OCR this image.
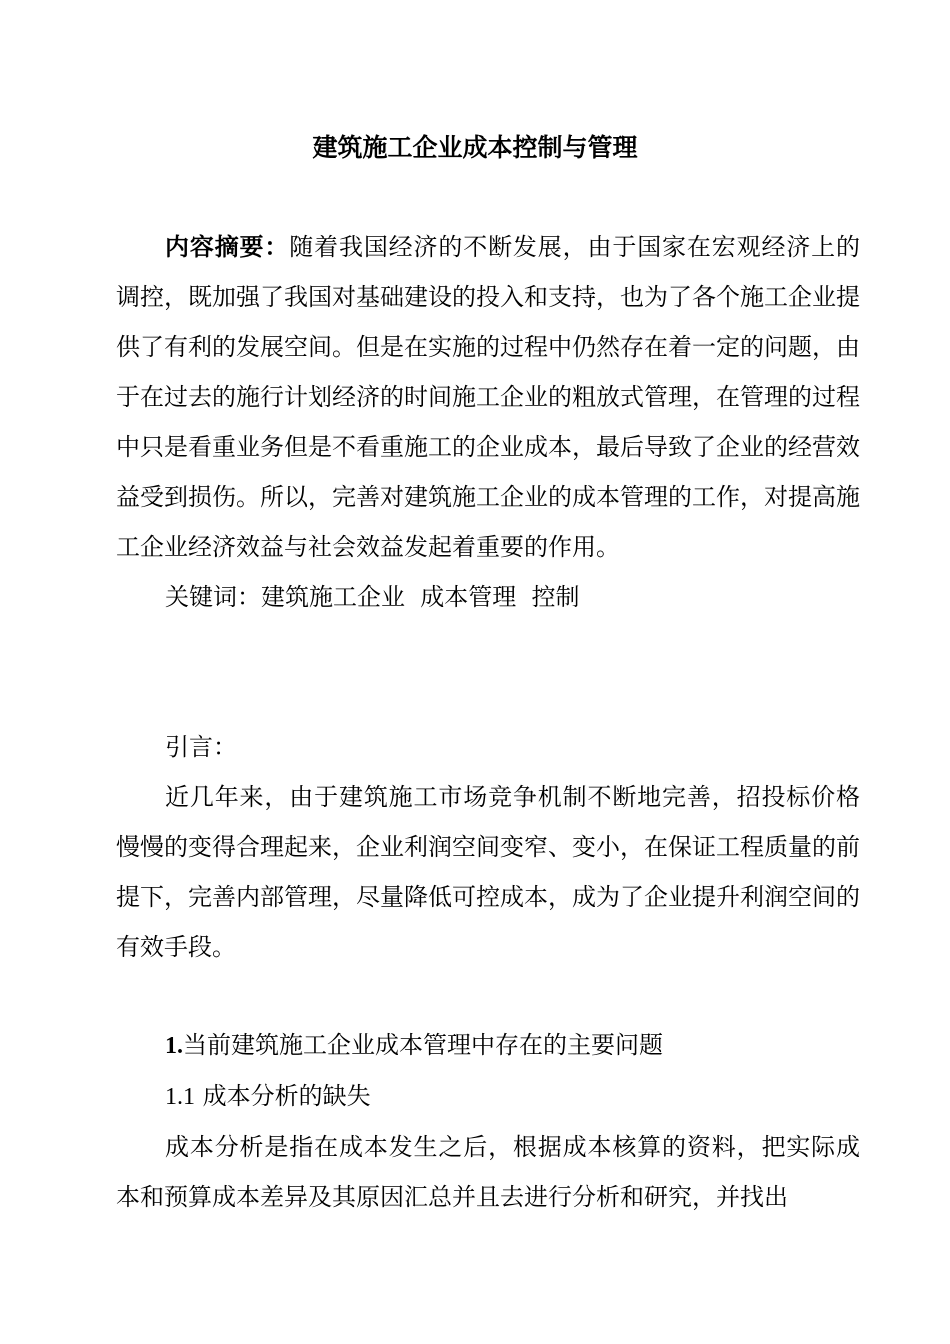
建筑施工企业成本控制与管理

内容摘要：随着我国经济的不断发展，由于国家在宏观经济上的调控，既加强了我国对基础建设的投入和支持，也为了各个施工企业提供了有利的发展空间。但是在实施的过程中仍然存在着一定的问题，由于在过去的施行计划经济的时间施工企业的粗放式管理，在管理的过程中只是看重业务但是不看重施工的企业成本，最后导致了企业的经营效益受到损伤。所以，完善对建筑施工企业的成本管理的工作，对提高施工企业经济效益与社会效益发起着重要的作用。

关键词：建筑施工企业  成本管理  控制

引言：

近几年来，由于建筑施工市场竞争机制不断地完善，招投标价格慢慢的变得合理起来，企业利润空间变窄、变小，在保证工程质量的前提下，完善内部管理，尽量降低可控成本，成为了企业提升利润空间的有效手段。

1.当前建筑施工企业成本管理中存在的主要问题

1.1 成本分析的缺失

成本分析是指在成本发生之后，根据成本核算的资料，把实际成本和预算成本差异及其原因汇总并且去进行分析和研究，并找出
